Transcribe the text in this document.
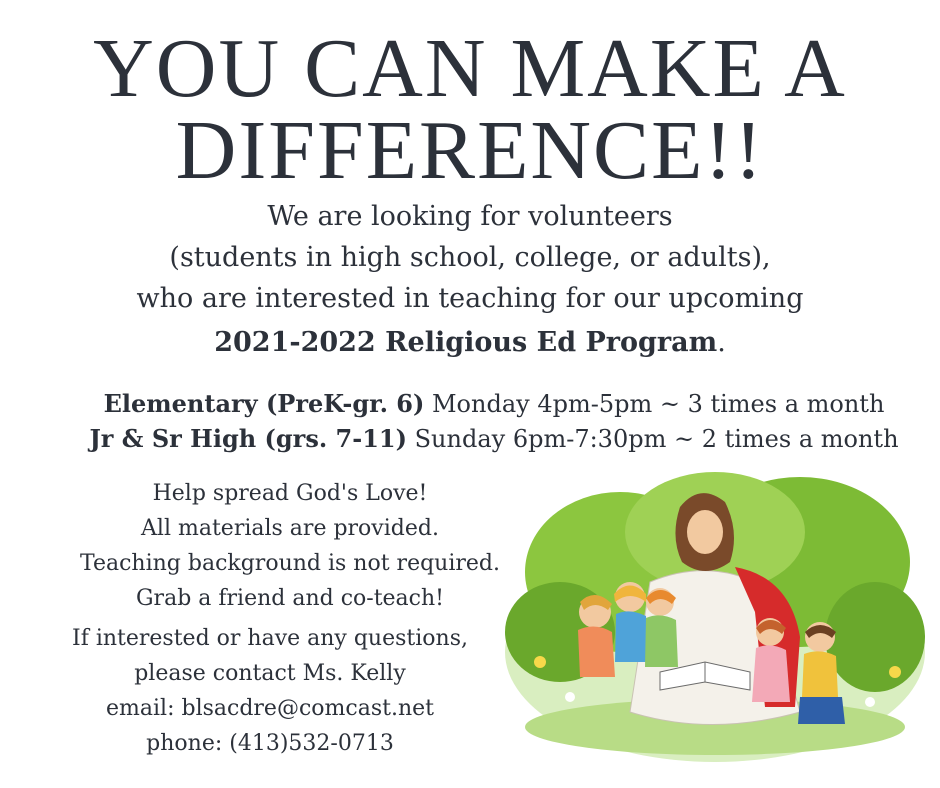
YOU CAN MAKE A
DIFFERENCE!!
We are looking for volunteers
(students in high school, college, or adults),
who are interested in teaching for our upcoming
2021-2022 Religious Ed Program.
Elementary (PreK-gr. 6) Monday 4pm-5pm ~ 3 times a month
Jr & Sr High (grs. 7-11) Sunday 6pm-7:30pm ~ 2 times a month
Help spread God's Love!
All materials are provided.
Teaching background is not required.
Grab a friend and co-teach!
If interested or have any questions,
please contact Ms. Kelly
email: blsacdre@comcast.net
phone: (413)532-0713
